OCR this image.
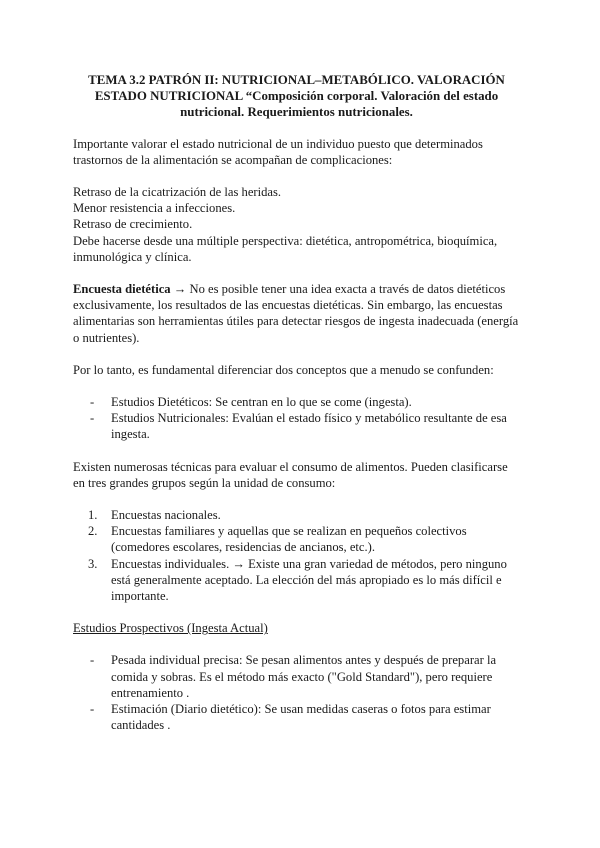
TEMA 3.2 PATRÓN II: NUTRICIONAL–METABÓLICO. VALORACIÓN ESTADO NUTRICIONAL “Composición corporal. Valoración del estado nutricional. Requerimientos nutricionales.

Importante valorar el estado nutricional de un individuo puesto que determinados trastornos de la alimentación se acompañan de complicaciones:

Retraso de la cicatrización de las heridas.
Menor resistencia a infecciones.
Retraso de crecimiento.
Debe hacerse desde una múltiple perspectiva: dietética, antropométrica, bioquímica, inmunológica y clínica.

Encuesta dietética → No es posible tener una idea exacta a través de datos dietéticos exclusivamente, los resultados de las encuestas dietéticas. Sin embargo, las encuestas alimentarias son herramientas útiles para detectar riesgos de ingesta inadecuada (energía o nutrientes).

Por lo tanto, es fundamental diferenciar dos conceptos que a menudo se confunden:

- Estudios Dietéticos: Se centran en lo que se come (ingesta).
- Estudios Nutricionales: Evalúan el estado físico y metabólico resultante de esa ingesta.

Existen numerosas técnicas para evaluar el consumo de alimentos. Pueden clasificarse en tres grandes grupos según la unidad de consumo:

1. Encuestas nacionales.
2. Encuestas familiares y aquellas que se realizan en pequeños colectivos (comedores escolares, residencias de ancianos, etc.).
3. Encuestas individuales. → Existe una gran variedad de métodos, pero ninguno está generalmente aceptado. La elección del más apropiado es lo más difícil e importante.

Estudios Prospectivos (Ingesta Actual)

- Pesada individual precisa: Se pesan alimentos antes y después de preparar la comida y sobras. Es el método más exacto ("Gold Standard"), pero requiere entrenamiento .
- Estimación (Diario dietético): Se usan medidas caseras o fotos para estimar cantidades .
